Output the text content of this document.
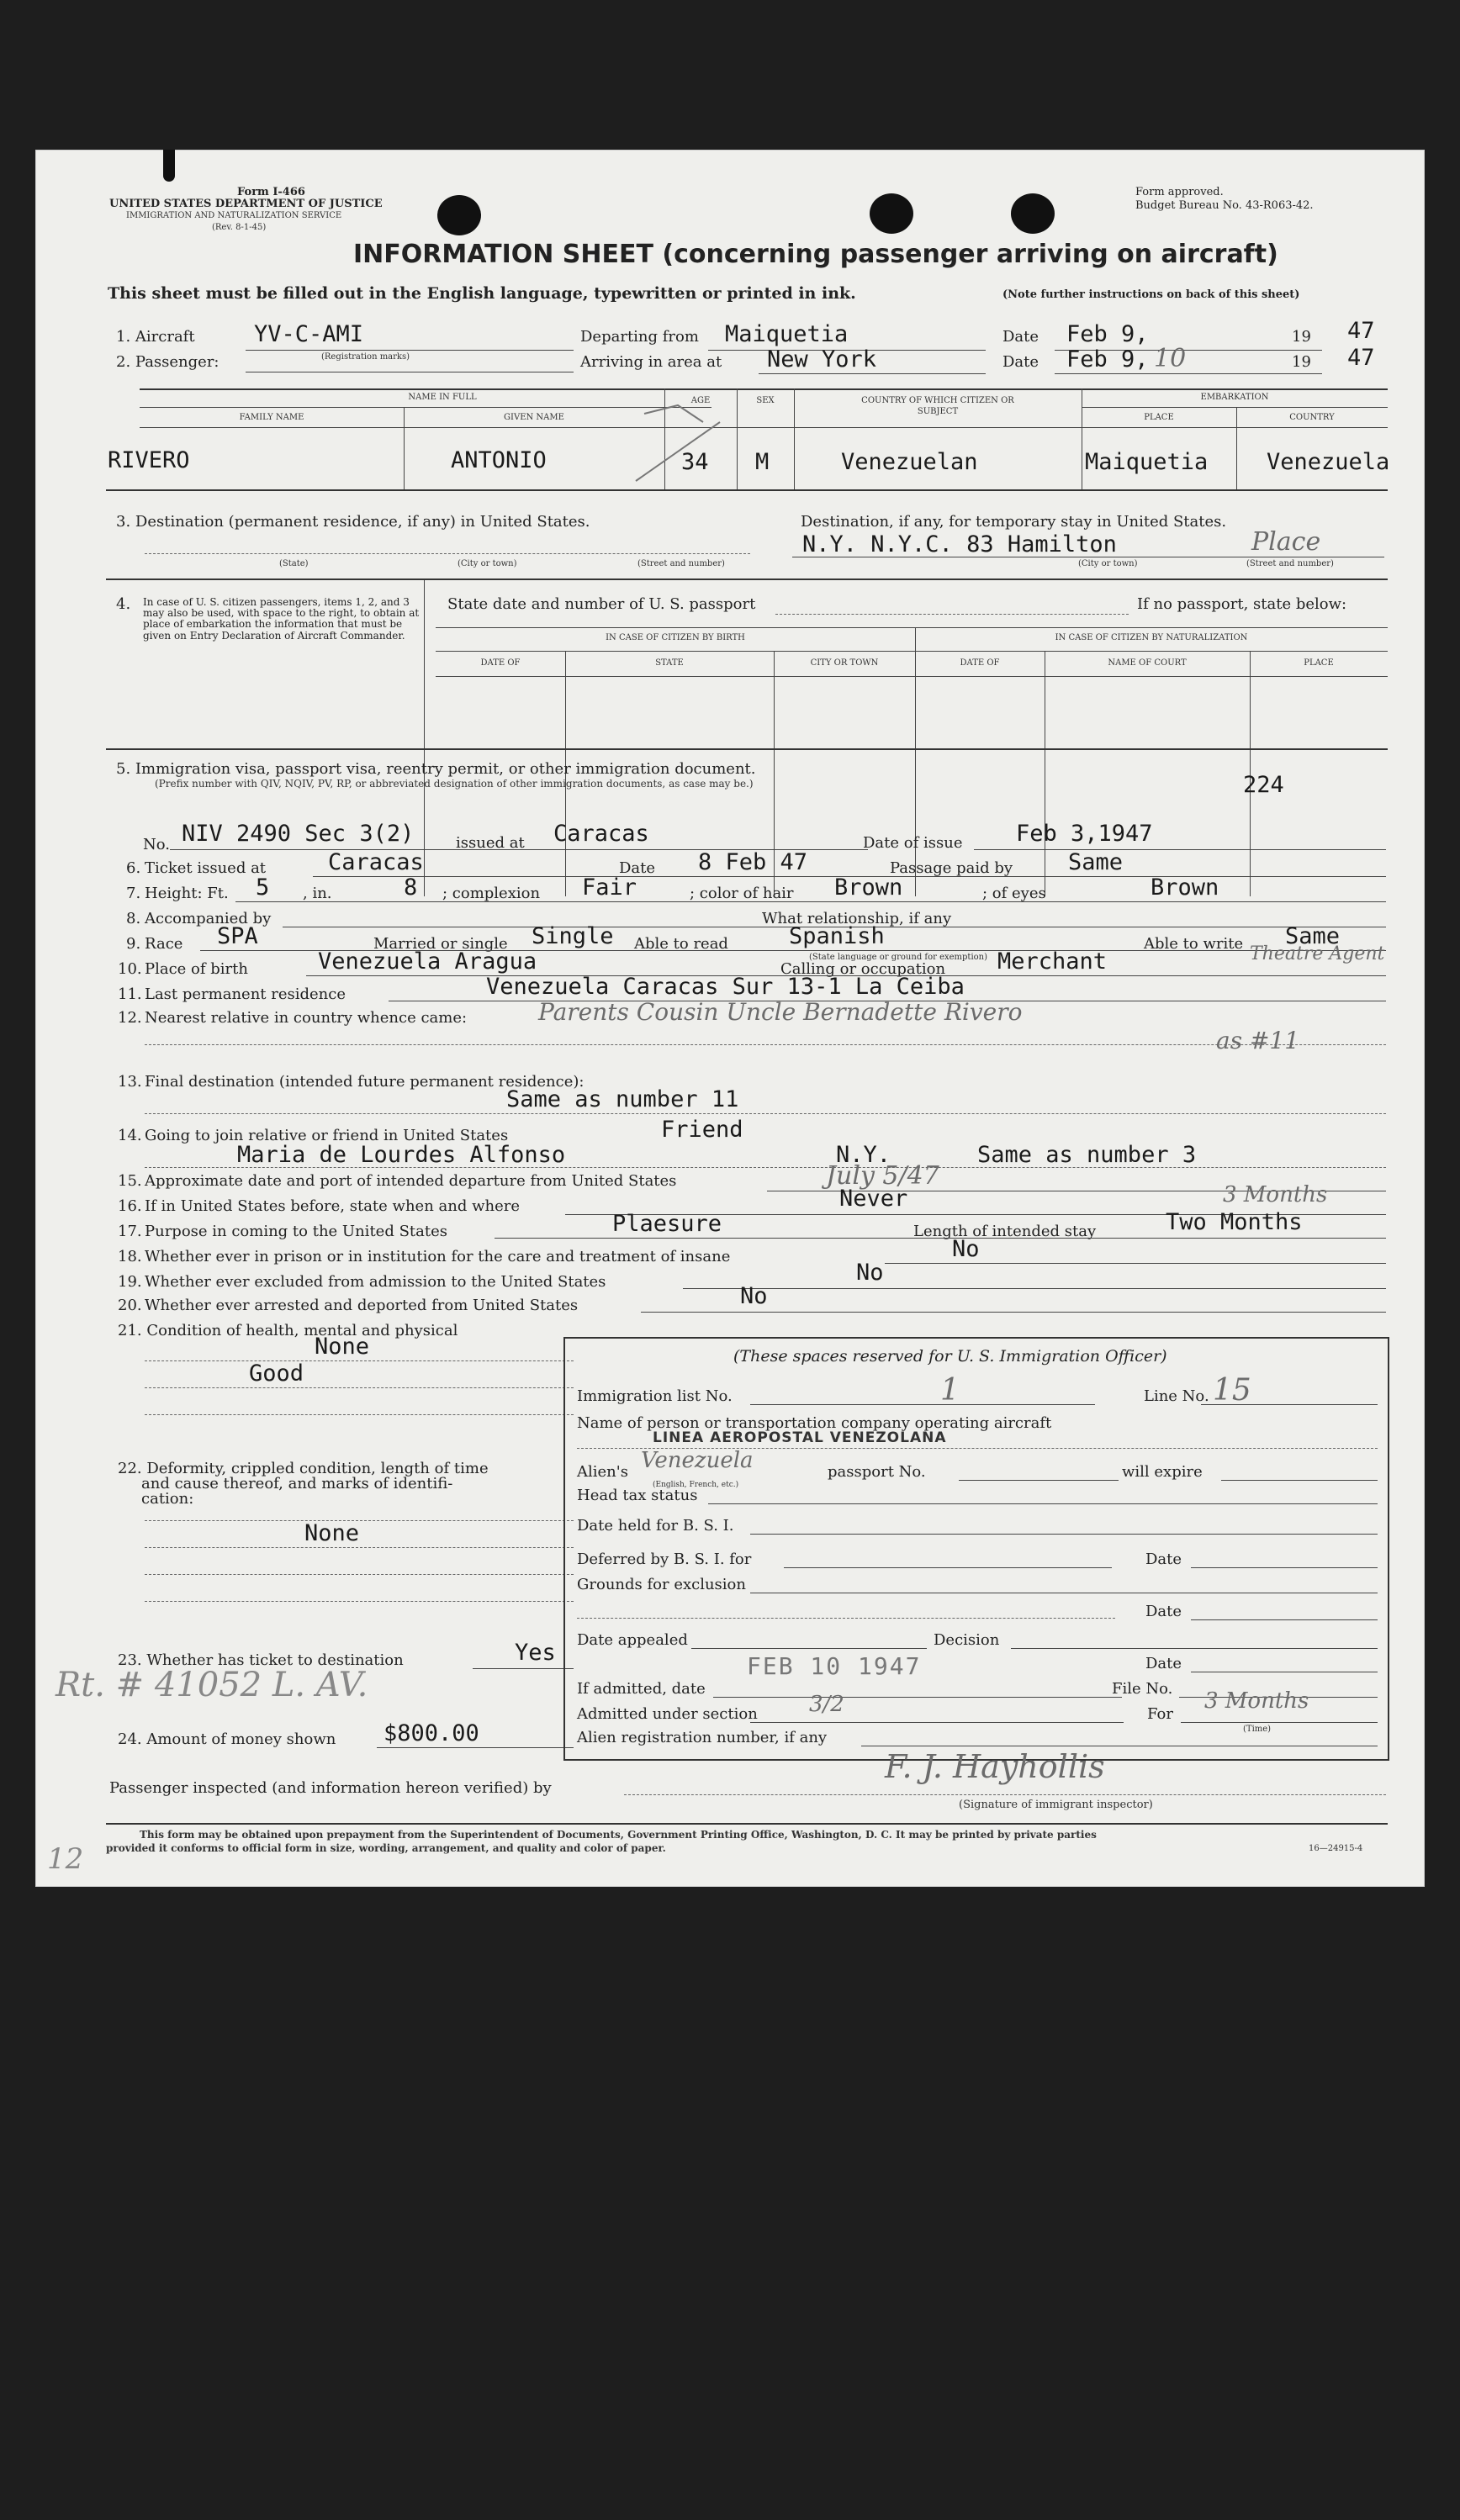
Form I-466
UNITED STATES DEPARTMENT OF JUSTICE
IMMIGRATION AND NATURALIZATION SERVICE
(Rev. 8-1-45)
Form approved.
Budget Bureau No. 43-R063-42.
INFORMATION SHEET (concerning passenger arriving on aircraft)
This sheet must be filled out in the English language, typewritten or printed in ink.	(Note further instructions on back of this sheet)
1. Aircraft	YV-C-AMI
(Registration marks)
2. Passenger:
Departing from Maiquetia	Date Feb 9,	19 47
Arriving in area at New York	Date Feb 9, 10	19 47
NAME IN FULL
FAMILY NAME	GIVEN NAME
AGE	SEX	COUNTRY OF WHICH CITIZEN OR SUBJECT
EMBARKATION
PLACE	COUNTRY
RIVERO	ANTONIO	34 M	Venezuelan	Maiquetia	Venezuela
3. Destination (permanent residence, if any) in United States.	Destination, if any, for temporary stay in United States.
N.Y. N.Y.C. 83 Hamilton	Place
(State)	(City or town)	(Street and number)	(City or town)	(Street and number)
4. In case of U. S. citizen passengers, items 1, 2, and 3 may also be used, with space to the right, to obtain at place of embarkation the information that must be given on Entry Declaration of Aircraft Commander.
State date and number of U. S. passport	If no passport, state below:
IN CASE OF CITIZEN BY BIRTH	IN CASE OF CITIZEN BY NATURALIZATION
DATE OF	STATE	CITY OR TOWN	DATE OF	NAME OF COURT	PLACE
5. Immigration visa, passport visa, reentry permit, or other immigration document.
(Prefix number with QIV, NQIV, PV, RP, or abbreviated designation of other immigration documents, as case may be.)	224
No. NIV 2490 Sec 3(2)	issued at Caracas	Date of issue Feb 3,1947
6. Ticket issued at	Caracas	Date 8 Feb 47	Passage paid by Same
7. Height: Ft. 5 , in.	8 ; complexion Fair	; color of hair Brown	; of eyes	Brown
8. Accompanied by	What relationship, if any
9. Race SPA	Married or single Single Able to read	Spanish
(State language or ground for exemption)
Able to write Same
10. Place of birth	Venezuela Aragua	Calling or occupation Merchant	Theatre Agent
11. Last permanent residence	Venezuela Caracas Sur 13-1 La Ceiba
12. Nearest relative in country whence came:	Parents Cousin Uncle Bernadette Rivero
as #11
13. Final destination (intended future permanent residence):
Same as number 11
14. Going to join relative or friend in United States	Friend
Maria de Lourdes Alfonso	N.Y.	Same as number 3
15. Approximate date and port of intended departure from United States	July 5/47
16. If in United States before, state when and where	Never	3 Months
17. Purpose in coming to the United States	Plaesure	Length of intended stay	Two Months
18. Whether ever in prison or in institution for the care and treatment of insane	No
19. Whether ever excluded from admission to the United States	No
20. Whether ever arrested and deported from United States	No
21. Condition of health, mental and physical
None
Good
22. Deformity, crippled condition, length of time
and cause thereof, and marks of identifi-
cation:
None
23. Whether has ticket to destination	Yes
Rt. # 41052 L. AV.
24. Amount of money shown $800.00
(These spaces reserved for U. S. Immigration Officer)
Immigration list No.	1	Line No. 15
Name of person or transportation company operating aircraft
LINEA AEROPOSTAL VENEZOLANA
Alien's Venezuela
(English, French, etc.)
passport No.	will expire
Head tax status
Date held for B. S. I.
Deferred by B. S. I. for	Date
Grounds for exclusion
Date
Date appealed	Decision
Date
If admitted, date
FEB 10 1947
File No.
Admitted under section 3/2	For
3 Months
(Time)
Alien registration number, if any
Passenger inspected (and information hereon verified) by
F. J. Hayhollis
(Signature of immigrant inspector)
This form may be obtained upon prepayment from the Superintendent of Documents, Government Printing Office, Washington, D. C. It may be printed by private parties
provided it conforms to official form in size, wording, arrangement, and quality and color of paper.	16—24915-4
12
